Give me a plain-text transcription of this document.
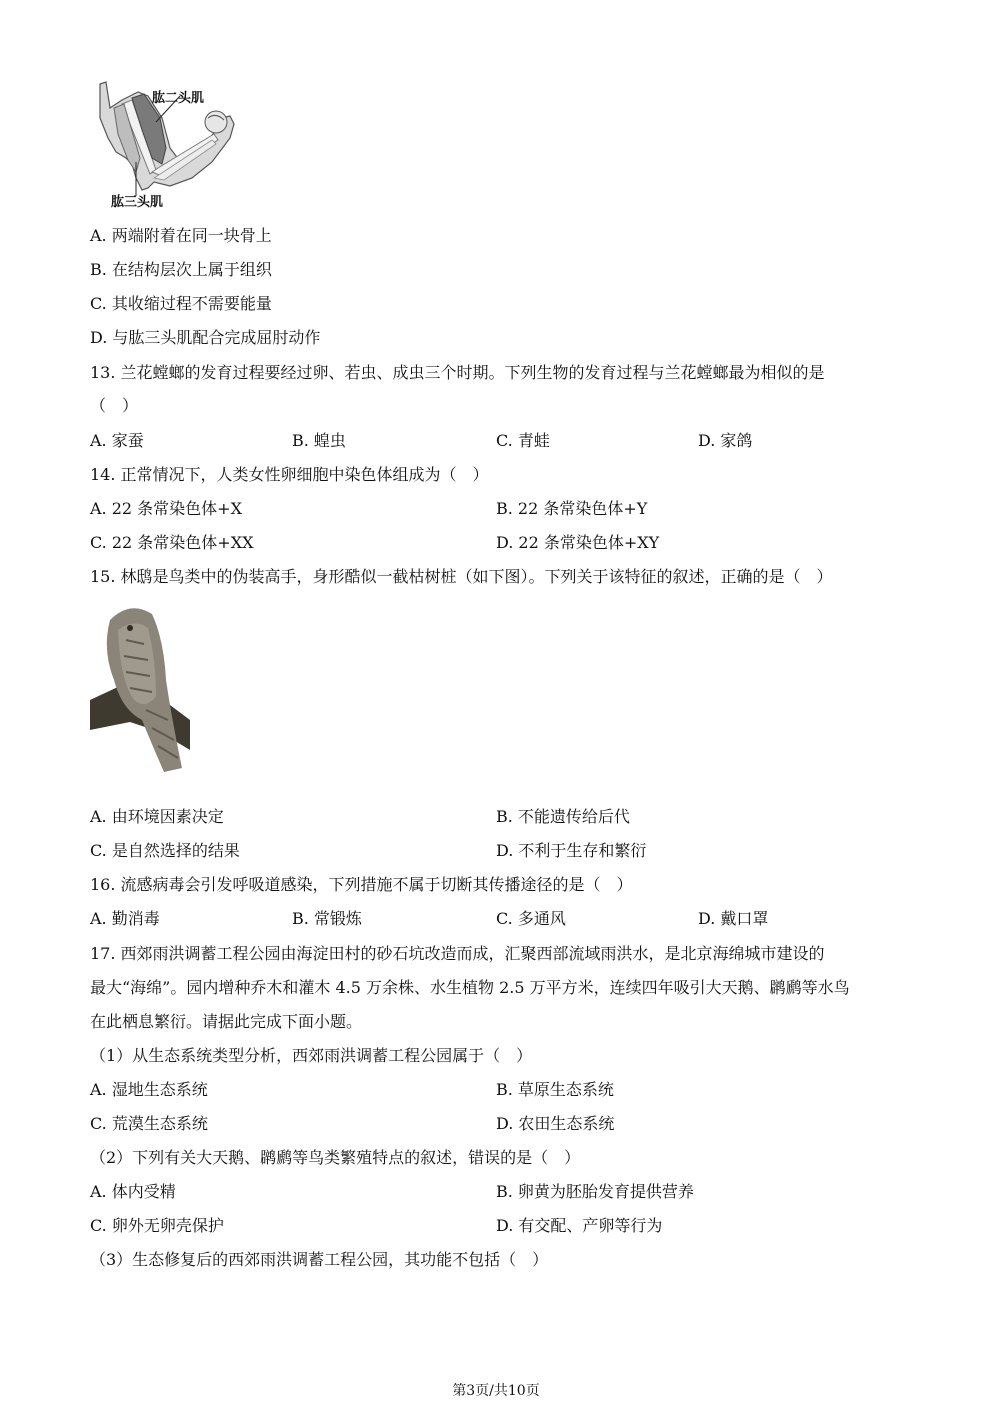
肱二头肌
肱三头肌
A. 两端附着在同一块骨上
B. 在结构层次上属于组织
C. 其收缩过程不需要能量
D. 与肱三头肌配合完成屈肘动作
13. 兰花螳螂的发育过程要经过卵、若虫、成虫三个时期。下列生物的发育过程与兰花螳螂最为相似的是
（　）
A. 家蚕	B. 蝗虫	C. 青蛙	D. 家鸽
14. 正常情况下，人类女性卵细胞中染色体组成为（　）
A. 22 条常染色体+X	B. 22 条常染色体+Y
C. 22 条常染色体+XX	D. 22 条常染色体+XY
15. 林鸱是鸟类中的伪装高手，身形酷似一截枯树桩（如下图）。下列关于该特征的叙述，正确的是（　）
A. 由环境因素决定	B. 不能遗传给后代
C. 是自然选择的结果	D. 不利于生存和繁衍
16. 流感病毒会引发呼吸道感染，下列措施不属于切断其传播途径的是（　）
A. 勤消毒	B. 常锻炼	C. 多通风	D. 戴口罩
17. 西郊雨洪调蓄工程公园由海淀田村的砂石坑改造而成，汇聚西部流域雨洪水，是北京海绵城市建设的
最大“海绵”。园内增种乔木和灌木 4.5 万余株、水生植物 2.5 万平方米，连续四年吸引大天鹅、䴙䴘等水鸟
在此栖息繁衍。请据此完成下面小题。
（1）从生态系统类型分析，西郊雨洪调蓄工程公园属于（　）
A. 湿地生态系统	B. 草原生态系统
C. 荒漠生态系统	D. 农田生态系统
（2）下列有关大天鹅、䴙䴘等鸟类繁殖特点的叙述，错误的是（　）
A. 体内受精	B. 卵黄为胚胎发育提供营养
C. 卵外无卵壳保护	D. 有交配、产卵等行为
（3）生态修复后的西郊雨洪调蓄工程公园，其功能不包括（　）
第3页/共10页
